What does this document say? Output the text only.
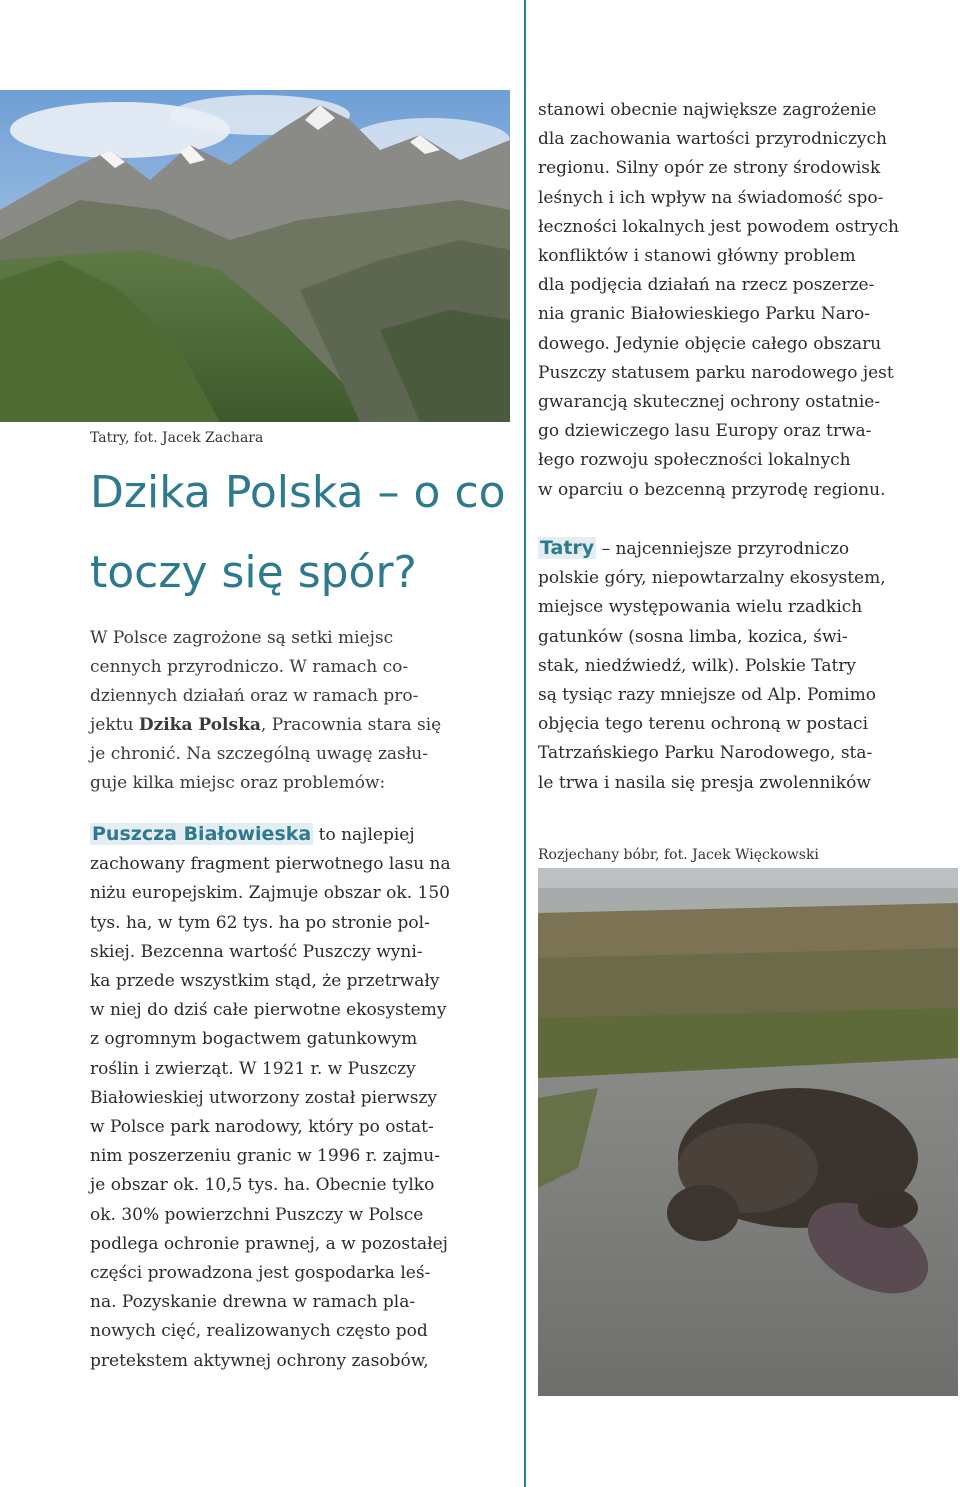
Tatry, fot. Jacek Zachara
Dzika Polska – o co
toczy się spór?

W Polsce zagrożone są setki miejsc
cennych przyrodniczo. W ramach co-
dziennych działań oraz w ramach pro-
jektu Dzika Polska, Pracownia stara się
je chronić. Na szczególną uwagę zasłu-
guje kilka miejsc oraz problemów:

Puszcza Białowieska to najlepiej
zachowany fragment pierwotnego lasu na
niżu europejskim. Zajmuje obszar ok. 150
tys. ha, w tym 62 tys. ha po stronie pol-
skiej. Bezcenna wartość Puszczy wyni-
ka przede wszystkim stąd, że przetrwały
w niej do dziś całe pierwotne ekosystemy
z ogromnym bogactwem gatunkowym
roślin i zwierząt. W 1921 r. w Puszczy
Białowieskiej utworzony został pierwszy
w Polsce park narodowy, który po ostat-
nim poszerzeniu granic w 1996 r. zajmu-
je obszar ok. 10,5 tys. ha. Obecnie tylko
ok. 30% powierzchni Puszczy w Polsce
podlega ochronie prawnej, a w pozostałej
części prowadzona jest gospodarka leś-
na. Pozyskanie drewna w ramach pla-
nowych cięć, realizowanych często pod
pretekstem aktywnej ochrony zasobów,

stanowi obecnie największe zagrożenie
dla zachowania wartości przyrodniczych
regionu. Silny opór ze strony środowisk
leśnych i ich wpływ na świadomość spo-
łeczności lokalnych jest powodem ostrych
konfliktów i stanowi główny problem
dla podjęcia działań na rzecz poszerze-
nia granic Białowieskiego Parku Naro-
dowego. Jedynie objęcie całego obszaru
Puszczy statusem parku narodowego jest
gwarancją skutecznej ochrony ostatnie-
go dziewiczego lasu Europy oraz trwa-
łego rozwoju społeczności lokalnych
w oparciu o bezcenną przyrodę regionu.

Tatry – najcenniejsze przyrodniczo
polskie góry, niepowtarzalny ekosystem,
miejsce występowania wielu rzadkich
gatunków (sosna limba, kozica, świ-
stak, niedźwiedź, wilk). Polskie Tatry
są tysiąc razy mniejsze od Alp. Pomimo
objęcia tego terenu ochroną w postaci
Tatrzańskiego Parku Narodowego, sta-
le trwa i nasila się presja zwolenników

Rozjechany bóbr, fot. Jacek Więckowski
